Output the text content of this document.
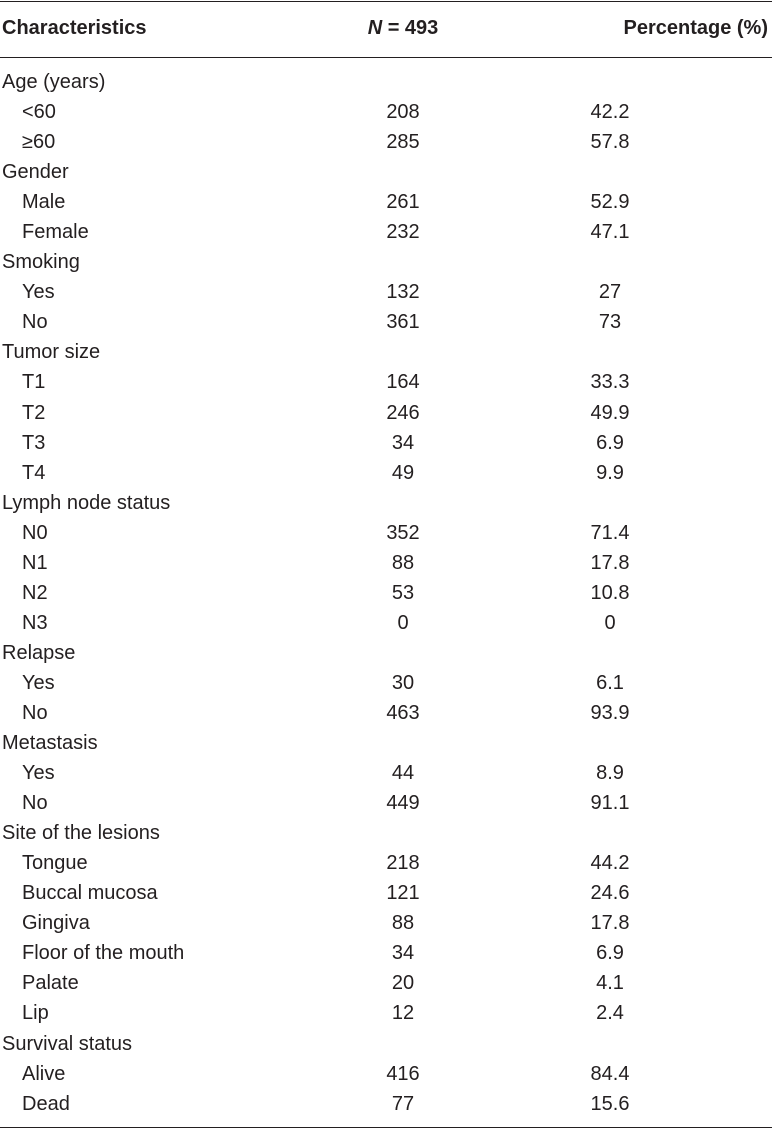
Characteristics	N = 493	Percentage (%)
Age (years)
<60	208	42.2
≥60	285	57.8
Gender
Male	261	52.9
Female	232	47.1
Smoking
Yes	132	27
No	361	73
Tumor size
T1	164	33.3
T2	246	49.9
T3	34	6.9
T4	49	9.9
Lymph node status
N0	352	71.4
N1	88	17.8
N2	53	10.8
N3	0	0
Relapse
Yes	30	6.1
No	463	93.9
Metastasis
Yes	44	8.9
No	449	91.1
Site of the lesions
Tongue	218	44.2
Buccal mucosa	121	24.6
Gingiva	88	17.8
Floor of the mouth	34	6.9
Palate	20	4.1
Lip	12	2.4
Survival status
Alive	416	84.4
Dead	77	15.6
